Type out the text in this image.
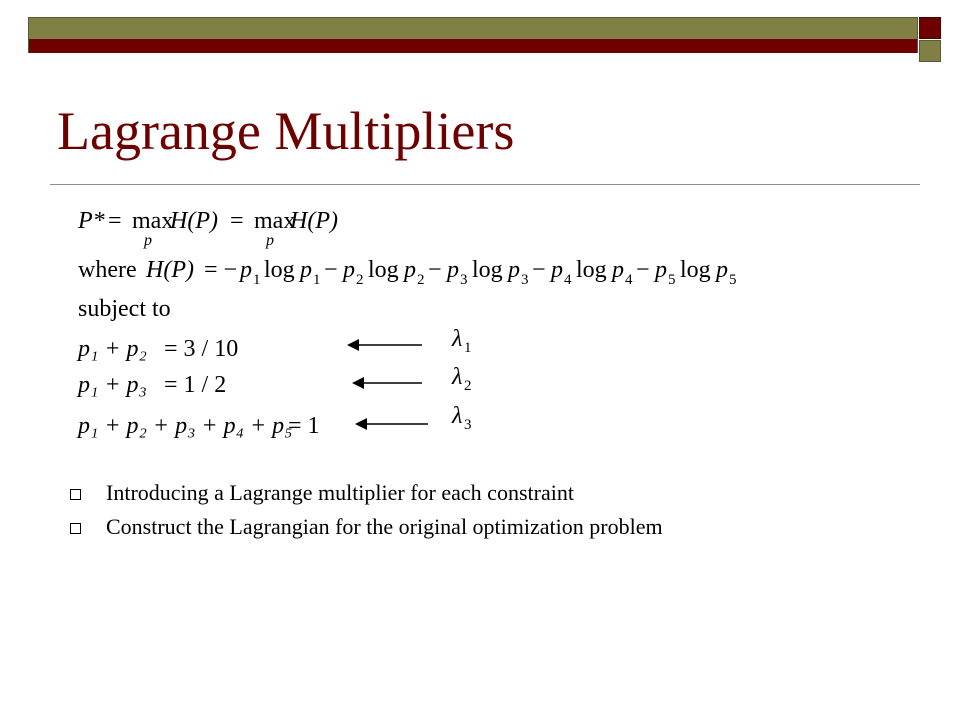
Lagrange Multipliers
P* = max
p
H(P) = max
p
H(P)
where H(P) = − p 1 log p 1 − p 2 log p 2 − p 3 log p 3 − p 4 log p 4 − p 5 log p 5
subject to
p₁ + p₂ = 3 / 10	λ 1
p₁ + p₃ = 1 / 2	λ 2
p₁ + p₂ + p₃ + p₄ + p₅
= 1	λ 3
Introducing a Lagrange multiplier for each constraint
Construct the Lagrangian for the original optimization problem
